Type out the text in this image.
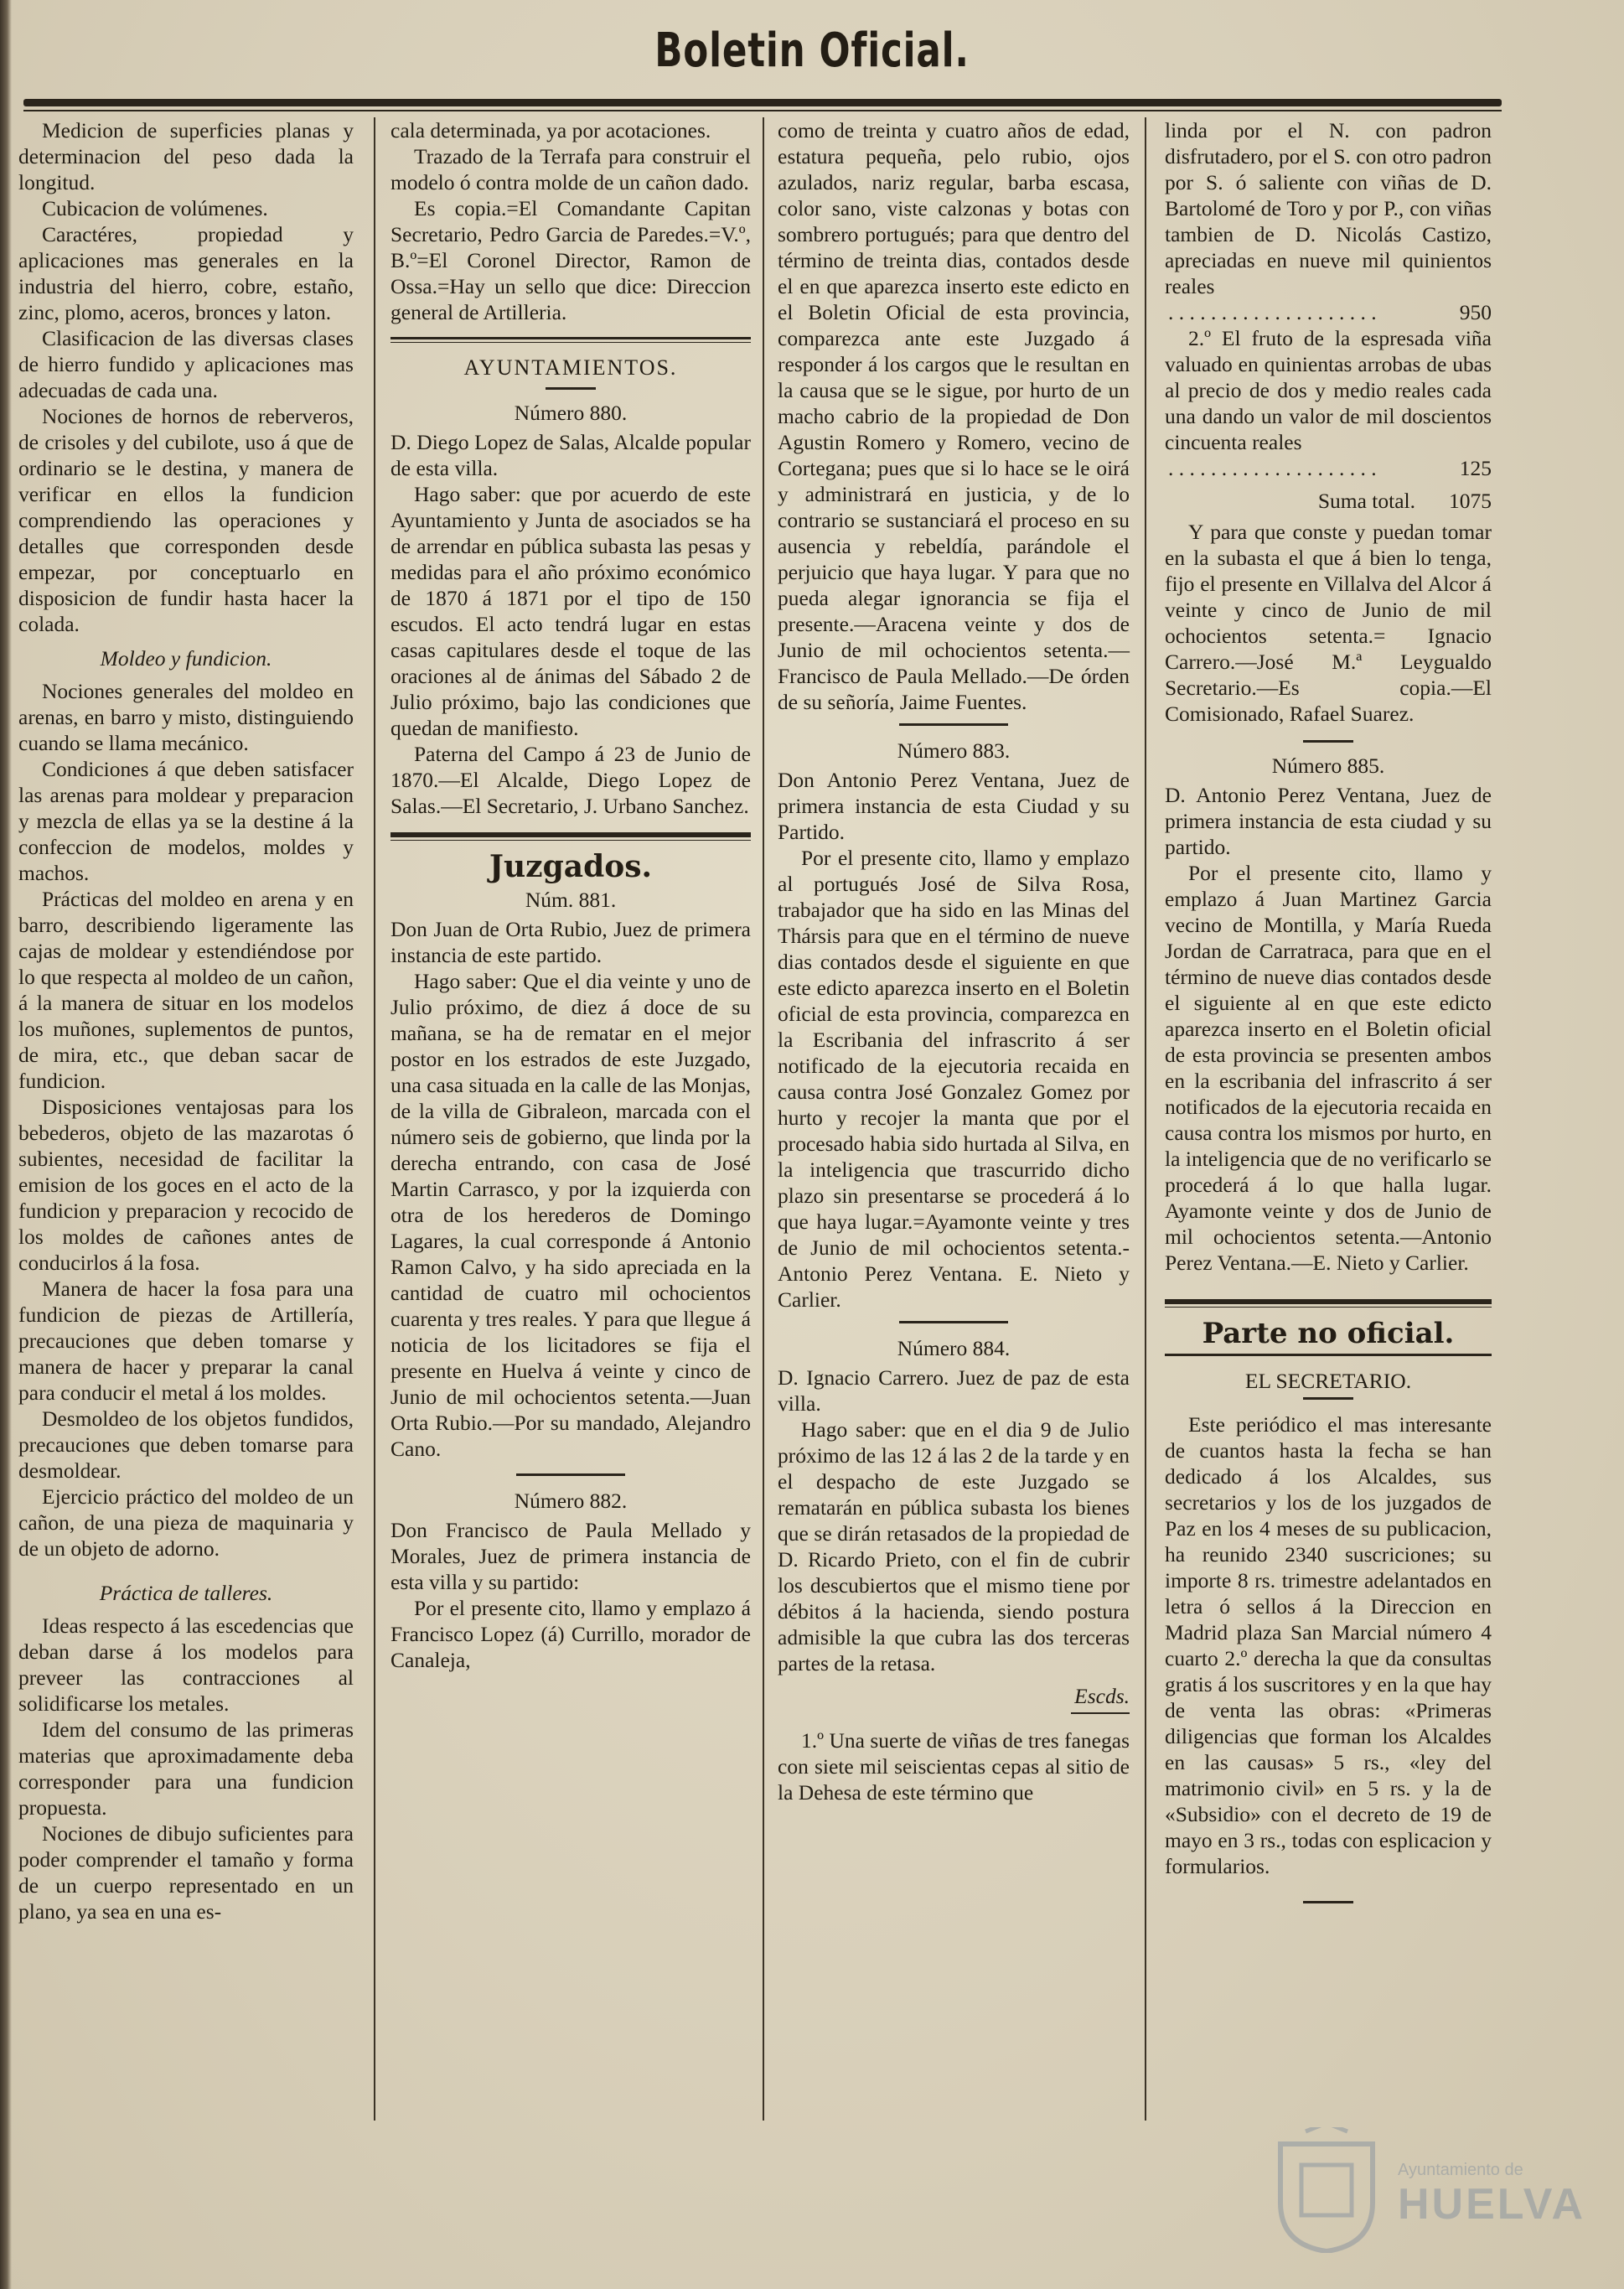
Boletin Oficial.

Medicion de superficies planas y determinacion del peso dada la longitud.

Cubicacion de volúmenes.

Caractéres, propiedad y aplicaciones mas generales en la industria del hierro, cobre, estaño, zinc, plomo, aceros, bronces y laton.

Clasificacion de las diversas clases de hierro fundido y aplicaciones mas adecuadas de cada una.

Nociones de hornos de reberveros, de crisoles y del cubilote, uso á que de ordinario se le destina, y manera de verificar en ellos la fundicion comprendiendo las operaciones y detalles que corresponden desde empezar, por conceptuarlo en disposicion de fundir hasta hacer la colada.

Moldeo y fundicion.

Nociones generales del moldeo en arenas, en barro y misto, distinguiendo cuando se llama mecánico.

Condiciones á que deben satisfacer las arenas para moldear y preparacion y mezcla de ellas ya se la destine á la confeccion de modelos, moldes y machos.

Prácticas del moldeo en arena y en barro, describiendo ligeramente las cajas de moldear y estendiéndose por lo que respecta al moldeo de un cañon, á la manera de situar en los modelos los muñones, suplementos de puntos, de mira, etc., que deban sacar de fundicion.

Disposiciones ventajosas para los bebederos, objeto de las mazarotas ó subientes, necesidad de facilitar la emision de los goces en el acto de la fundicion y preparacion y recocido de los moldes de cañones antes de conducirlos á la fosa.

Manera de hacer la fosa para una fundicion de piezas de Artillería, precauciones que deben tomarse y manera de hacer y preparar la canal para conducir el metal á los moldes.

Desmoldeo de los objetos fundidos, precauciones que deben tomarse para desmoldear.

Ejercicio práctico del moldeo de un cañon, de una pieza de maquinaria y de un objeto de adorno.

Práctica de talleres.

Ideas respecto á las escedencias que deban darse á los modelos para preveer las contracciones al solidificarse los metales.

Idem del consumo de las primeras materias que aproximadamente deba corresponder para una fundicion propuesta.

Nociones de dibujo suficientes para poder comprender el tamaño y forma de un cuerpo representado en un plano, ya sea en una es-

cala determinada, ya por acotaciones.

Trazado de la Terrafa para construir el modelo ó contra molde de un cañon dado.

Es copia.=El Comandante Capitan Secretario, Pedro Garcia de Paredes.=V.º, B.º=El Coronel Director, Ramon de Ossa.=Hay un sello que dice: Direccion general de Artilleria.

AYUNTAMIENTOS.
Número 880.

D. Diego Lopez de Salas, Alcalde popular de esta villa.

Hago saber: que por acuerdo de este Ayuntamiento y Junta de asociados se ha de arrendar en pública subasta las pesas y medidas para el año próximo económico de 1870 á 1871 por el tipo de 150 escudos. El acto tendrá lugar en estas casas capitulares desde el toque de las oraciones al de ánimas del Sábado 2 de Julio próximo, bajo las condiciones que quedan de manifiesto.

Paterna del Campo á 23 de Junio de 1870.—El Alcalde, Diego Lopez de Salas.—El Secretario, J. Urbano Sanchez.

Juzgados.
Núm. 881.

Don Juan de Orta Rubio, Juez de primera instancia de este partido.

Hago saber: Que el dia veinte y uno de Julio próximo, de diez á doce de su mañana, se ha de rematar en el mejor postor en los estrados de este Juzgado, una casa situada en la calle de las Monjas, de la villa de Gibraleon, marcada con el número seis de gobierno, que linda por la derecha entrando, con casa de José Martin Carrasco, y por la izquierda con otra de los herederos de Domingo Lagares, la cual corresponde á Antonio Ramon Calvo, y ha sido apreciada en la cantidad de cuatro mil ochocientos cuarenta y tres reales. Y para que llegue á noticia de los licitadores se fija el presente en Huelva á veinte y cinco de Junio de mil ochocientos setenta.—Juan Orta Rubio.—Por su mandado, Alejandro Cano.

Número 882.

Don Francisco de Paula Mellado y Morales, Juez de primera instancia de esta villa y su partido:

Por el presente cito, llamo y emplazo á Francisco Lopez (á) Currillo, morador de Canaleja,

como de treinta y cuatro años de edad, estatura pequeña, pelo rubio, ojos azulados, nariz regular, barba escasa, color sano, viste calzonas y botas con sombrero portugués; para que dentro del término de treinta dias, contados desde el en que aparezca inserto este edicto en el Boletin Oficial de esta provincia, comparezca ante este Juzgado á responder á los cargos que le resultan en la causa que se le sigue, por hurto de un macho cabrio de la propiedad de Don Agustin Romero y Romero, vecino de Cortegana; pues que si lo hace se le oirá y administrará en justicia, y de lo contrario se sustanciará el proceso en su ausencia y rebeldía, parándole el perjuicio que haya lugar. Y para que no pueda alegar ignorancia se fija el presente.—Aracena veinte y dos de Junio de mil ochocientos setenta.—Francisco de Paula Mellado.—De órden de su señoría, Jaime Fuentes.

Número 883.

Don Antonio Perez Ventana, Juez de primera instancia de esta Ciudad y su Partido.

Por el presente cito, llamo y emplazo al portugués José de Silva Rosa, trabajador que ha sido en las Minas del Thársis para que en el término de nueve dias contados desde el siguiente en que este edicto aparezca inserto en el Boletin oficial de esta provincia, comparezca en la Escribania del infrascrito á ser notificado de la ejecutoria recaida en causa contra José Gonzalez Gomez por hurto y recojer la manta que por el procesado habia sido hurtada al Silva, en la inteligencia que trascurrido dicho plazo sin presentarse se procederá á lo que haya lugar.=Ayamonte veinte y tres de Junio de mil ochocientos setenta.-Antonio Perez Ventana. E. Nieto y Carlier.

Número 884.

D. Ignacio Carrero. Juez de paz de esta villa.

Hago saber: que en el dia 9 de Julio próximo de las 12 á las 2 de la tarde y en el despacho de este Juzgado se rematarán en pública subasta los bienes que se dirán retasados de la propiedad de D. Ricardo Prieto, con el fin de cubrir los descubiertos que el mismo tiene por débitos á la hacienda, siendo postura admisible la que cubra las dos terceras partes de la retasa.

Escds.

1.º Una suerte de viñas de tres fanegas con siete mil seiscientas cepas al sitio de la Dehesa de este término que

linda por el N. con padron disfrutadero, por el S. con otro padron por S. ó saliente con viñas de D. Bartolomé de Toro y por P., con viñas tambien de D. Nicolás Castizo, apreciadas en nueve mil quinientos reales

. . . . . . . . . . . . . . . . . . . .	950

2.º El fruto de la espresada viña valuado en quinientas arrobas de ubas al precio de dos y medio reales cada una dando un valor de mil doscientos cincuenta reales

. . . . . . . . . . . . . . . . . . . .	125
Suma total. 1075

Y para que conste y puedan tomar en la subasta el que á bien lo tenga, fijo el presente en Villalva del Alcor á veinte y cinco de Junio de mil ochocientos setenta.= Ignacio Carrero.—José M.ª Leygualdo Secretario.—Es copia.—El Comisionado, Rafael Suarez.

Número 885.

D. Antonio Perez Ventana, Juez de primera instancia de esta ciudad y su partido.

Por el presente cito, llamo y emplazo á Juan Martinez Garcia vecino de Montilla, y María Rueda Jordan de Carratraca, para que en el término de nueve dias contados desde el siguiente al en que este edicto aparezca inserto en el Boletin oficial de esta provincia se presenten ambos en la escribania del infrascrito á ser notificados de la ejecutoria recaida en causa contra los mismos por hurto, en la inteligencia que de no verificarlo se procederá á lo que halla lugar. Ayamonte veinte y dos de Junio de mil ochocientos setenta.—Antonio Perez Ventana.—E. Nieto y Carlier.

Parte no oficial.
EL SECRETARIO.

Este periódico el mas interesante de cuantos hasta la fecha se han dedicado á los Alcaldes, sus secretarios y los de los juzgados de Paz en los 4 meses de su publicacion, ha reunido 2340 suscriciones; su importe 8 rs. trimestre adelantados en letra ó sellos á la Direccion en Madrid plaza San Marcial número 4 cuarto 2.º derecha la que da consultas gratis á los suscritores y en la que hay de venta las obras: «Primeras diligencias que forman los Alcaldes en las causas» 5 rs., «ley del matrimonio civil» en 5 rs. y la de «Subsidio» con el decreto de 19 de mayo en 3 rs., todas con esplicacion y formularios.

Ayuntamiento de
HUELVA
